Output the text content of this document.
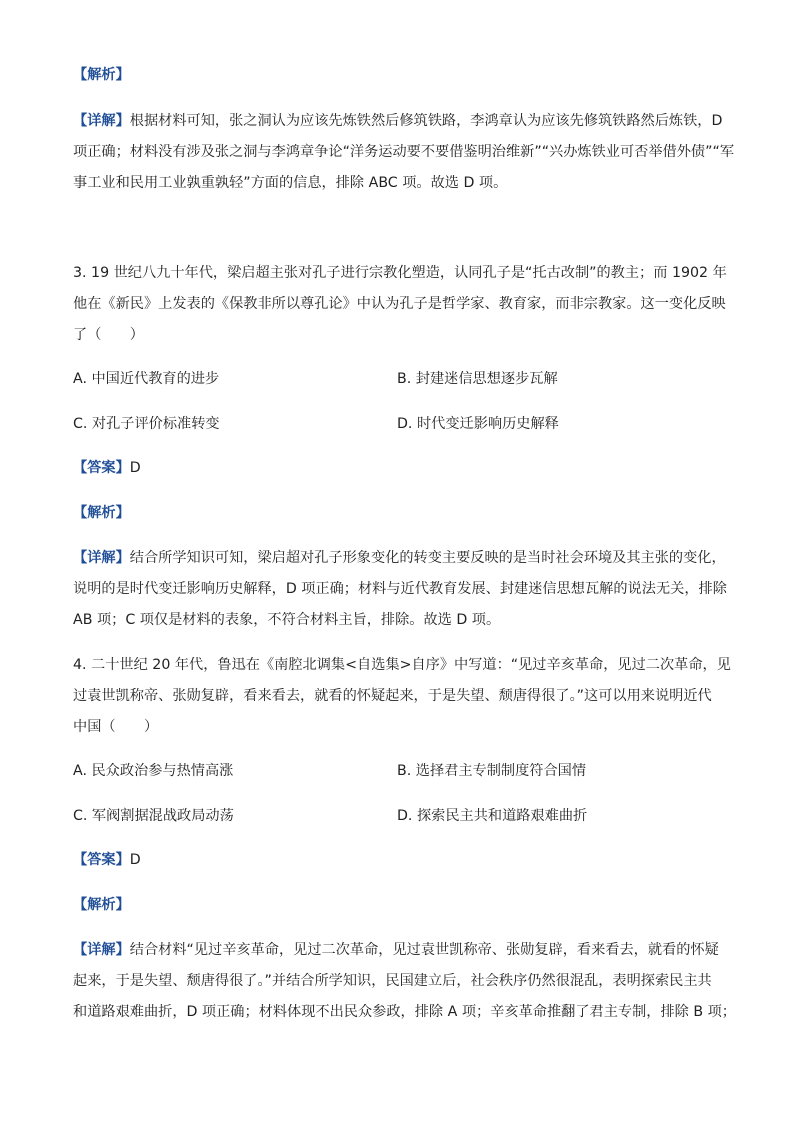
【解析】
【详解】根据材料可知，张之洞认为应该先炼铁然后修筑铁路，李鸿章认为应该先修筑铁路然后炼铁，D
项正确；材料没有涉及张之洞与李鸿章争论“洋务运动要不要借鉴明治维新”“兴办炼铁业可否举借外债”“军
事工业和民用工业孰重孰轻”方面的信息，排除 ABC 项。故选 D 项。
3. 19 世纪八九十年代，梁启超主张对孔子进行宗教化塑造，认同孔子是“托古改制”的教主；而 1902 年
他在《新民》上发表的《保教非所以尊孔论》中认为孔子是哲学家、教育家，而非宗教家。这一变化反映
了（　　）
A. 中国近代教育的进步	B. 封建迷信思想逐步瓦解
C. 对孔子评价标准转变	D. 时代变迁影响历史解释
【答案】D
【解析】
【详解】结合所学知识可知，梁启超对孔子形象变化的转变主要反映的是当时社会环境及其主张的变化，
说明的是时代变迁影响历史解释，D 项正确；材料与近代教育发展、封建迷信思想瓦解的说法无关，排除
AB 项；C 项仅是材料的表象，不符合材料主旨，排除。故选 D 项。
4. 二十世纪 20 年代，鲁迅在《南腔北调集<自选集>自序》中写道：“见过辛亥革命，见过二次革命，见
过袁世凯称帝、张勋复辟，看来看去，就看的怀疑起来，于是失望、颓唐得很了。”这可以用来说明近代
中国（　　）
A. 民众政治参与热情高涨	B. 选择君主专制制度符合国情
C. 军阀割据混战政局动荡	D. 探索民主共和道路艰难曲折
【答案】D
【解析】
【详解】结合材料“见过辛亥革命，见过二次革命，见过袁世凯称帝、张勋复辟，看来看去，就看的怀疑
起来，于是失望、颓唐得很了。”并结合所学知识，民国建立后，社会秩序仍然很混乱，表明探索民主共
和道路艰难曲折，D 项正确；材料体现不出民众参政，排除 A 项；辛亥革命推翻了君主专制，排除 B 项；
